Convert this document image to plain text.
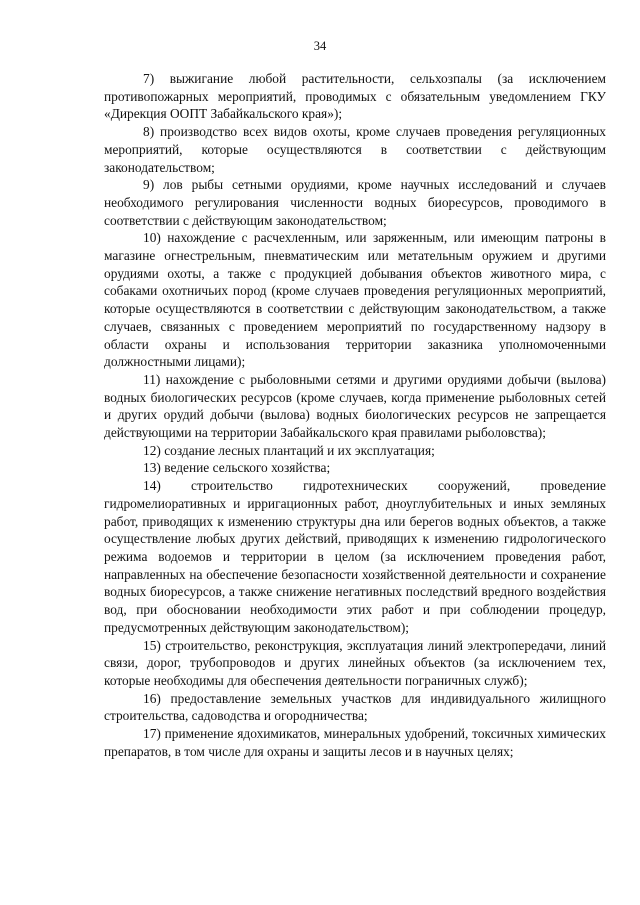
34

7) выжигание любой растительности, сельхозпалы (за исключением противопожарных мероприятий, проводимых с обязательным уведомлением ГКУ «Дирекция ООПТ Забайкальского края»);

8) производство всех видов охоты, кроме случаев проведения регуляционных мероприятий, которые осуществляются в соответствии с действующим законодательством;

9) лов рыбы сетными орудиями, кроме научных исследований и случаев необходимого регулирования численности водных биоресурсов, проводимого в соответствии с действующим законодательством;

10) нахождение с расчехленным, или заряженным, или имеющим патроны в магазине огнестрельным, пневматическим или метательным оружием и другими орудиями охоты, а также с продукцией добывания объектов животного мира, с собаками охотничьих пород (кроме случаев проведения регуляционных мероприятий, которые осуществляются в соответствии с действующим законодательством, а также случаев, связанных с проведением мероприятий по государственному надзору в области охраны и использования территории заказника уполномоченными должностными лицами);

11) нахождение с рыболовными сетями и другими орудиями добычи (вылова) водных биологических ресурсов (кроме случаев, когда применение рыболовных сетей и других орудий добычи (вылова) водных биологических ресурсов не запрещается действующими на территории Забайкальского края правилами рыболовства);

12) создание лесных плантаций и их эксплуатация;

13) ведение сельского хозяйства;

14) строительство гидротехнических сооружений, проведение гидромелиоративных и ирригационных работ, дноуглубительных и иных земляных работ, приводящих к изменению структуры дна или берегов водных объектов, а также осуществление любых других действий, приводящих к изменению гидрологического режима водоемов и территории в целом (за исключением проведения работ, направленных на обеспечение безопасности хозяйственной деятельности и сохранение водных биоресурсов, а также снижение негативных последствий вредного воздействия вод, при обосновании необходимости этих работ и при соблюдении процедур, предусмотренных действующим законодательством);

15) строительство, реконструкция, эксплуатация линий электропередачи, линий связи, дорог, трубопроводов и других линейных объектов (за исключением тех, которые необходимы для обеспечения деятельности пограничных служб);

16) предоставление земельных участков для индивидуального жилищного строительства, садоводства и огородничества;

17) применение ядохимикатов, минеральных удобрений, токсичных химических препаратов, в том числе для охраны и защиты лесов и в научных целях;
